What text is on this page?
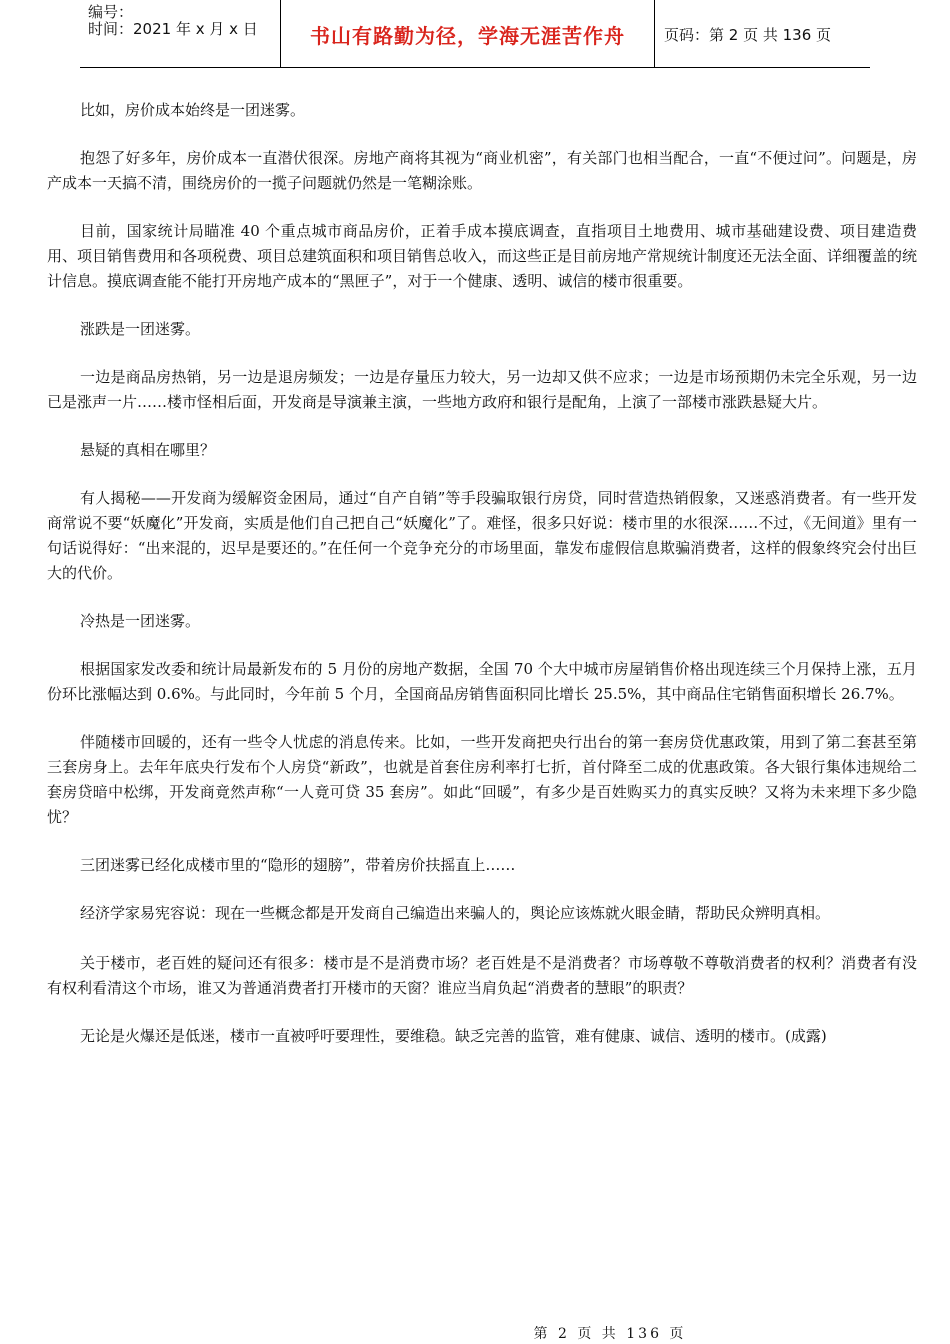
编号：
时间：2021 年 x 月 x 日	书山有路勤为径，学海无涯苦作舟	页码：第 2 页 共 136 页

比如，房价成本始终是一团迷雾。

抱怨了好多年，房价成本一直潜伏很深。房地产商将其视为“商业机密”，有关部门也相当配合，一直“不便过问”。问题是，房产成本一天搞不清，围绕房价的一揽子问题就仍然是一笔糊涂账。

目前，国家统计局瞄准 40 个重点城市商品房价，正着手成本摸底调查，直指项目土地费用、城市基础建设费、项目建造费用、项目销售费用和各项税费、项目总建筑面积和项目销售总收入，而这些正是目前房地产常规统计制度还无法全面、详细覆盖的统计信息。摸底调查能不能打开房地产成本的“黑匣子”，对于一个健康、透明、诚信的楼市很重要。

涨跌是一团迷雾。

一边是商品房热销，另一边是退房频发；一边是存量压力较大，另一边却又供不应求；一边是市场预期仍未完全乐观，另一边已是涨声一片……楼市怪相后面，开发商是导演兼主演，一些地方政府和银行是配角，上演了一部楼市涨跌悬疑大片。

悬疑的真相在哪里？

有人揭秘——开发商为缓解资金困局，通过“自产自销”等手段骗取银行房贷，同时营造热销假象，又迷惑消费者。有一些开发商常说不要“妖魔化”开发商，实质是他们自己把自己“妖魔化”了。难怪，很多只好说：楼市里的水很深……不过，《无间道》里有一句话说得好：“出来混的，迟早是要还的。”在任何一个竞争充分的市场里面，靠发布虚假信息欺骗消费者，这样的假象终究会付出巨大的代价。

冷热是一团迷雾。

根据国家发改委和统计局最新发布的 5 月份的房地产数据，全国 70 个大中城市房屋销售价格出现连续三个月保持上涨，五月份环比涨幅达到 0.6%。与此同时，今年前 5 个月，全国商品房销售面积同比增长 25.5%，其中商品住宅销售面积增长 26.7%。

伴随楼市回暖的，还有一些令人忧虑的消息传来。比如，一些开发商把央行出台的第一套房贷优惠政策，用到了第二套甚至第三套房身上。去年年底央行发布个人房贷“新政”，也就是首套住房利率打七折，首付降至二成的优惠政策。各大银行集体违规给二套房贷暗中松绑，开发商竟然声称“一人竟可贷 35 套房”。如此“回暖”，有多少是百姓购买力的真实反映？又将为未来埋下多少隐忧？

三团迷雾已经化成楼市里的“隐形的翅膀”，带着房价扶摇直上……

经济学家易宪容说：现在一些概念都是开发商自己编造出来骗人的，舆论应该炼就火眼金睛，帮助民众辨明真相。

关于楼市，老百姓的疑问还有很多：楼市是不是消费市场？老百姓是不是消费者？市场尊敬不尊敬消费者的权利？消费者有没有权利看清这个市场，谁又为普通消费者打开楼市的天窗？谁应当肩负起“消费者的慧眼”的职责？

无论是火爆还是低迷，楼市一直被呼吁要理性，要维稳。缺乏完善的监管，难有健康、诚信、透明的楼市。(成露)

第 2 页 共 136 页
